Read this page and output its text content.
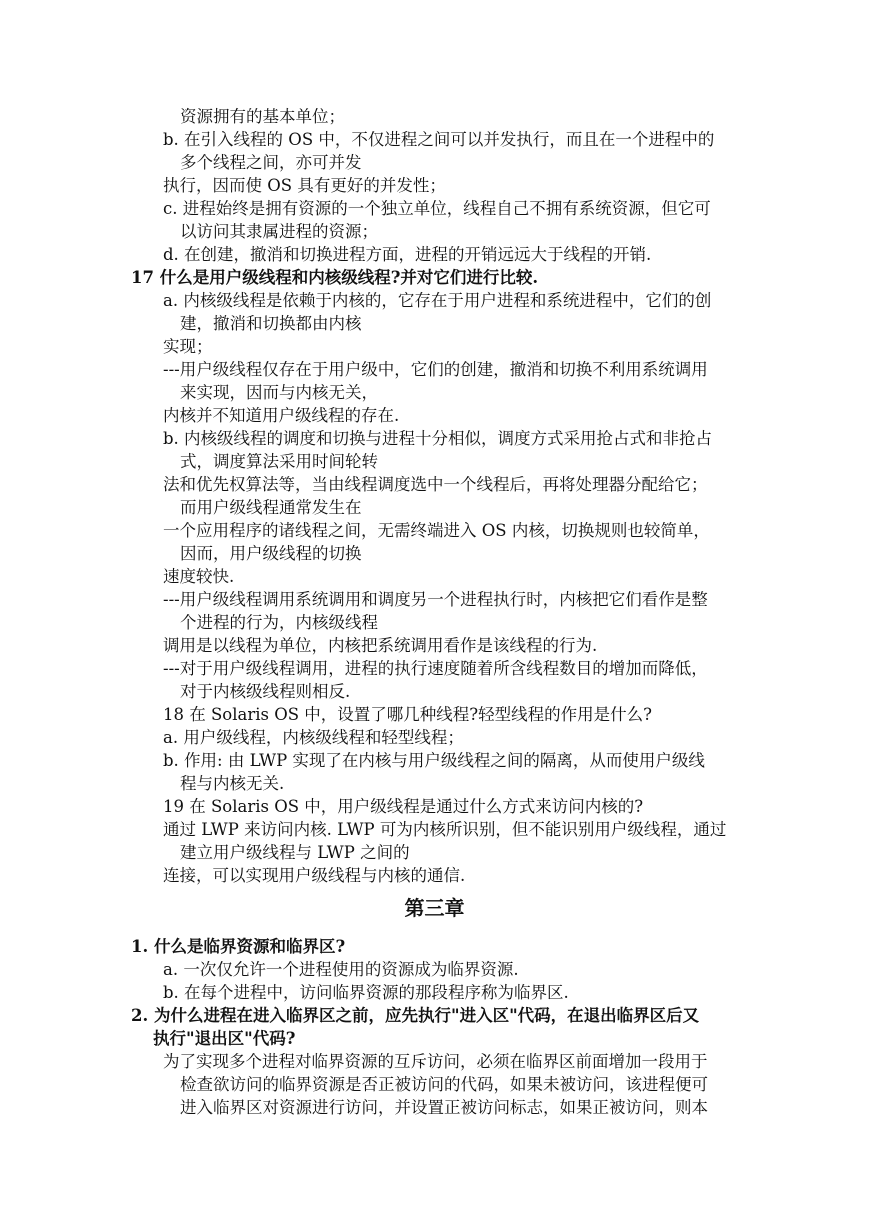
资源拥有的基本单位；

b. 在引入线程的 OS 中，不仅进程之间可以并发执行，而且在一个进程中的

多个线程之间，亦可并发

执行，因而使 OS 具有更好的并发性；

c. 进程始终是拥有资源的一个独立单位，线程自己不拥有系统资源，但它可

以访问其隶属进程的资源；

d. 在创建，撤消和切换进程方面，进程的开销远远大于线程的开销.

17 什么是用户级线程和内核级线程?并对它们进行比较.

a. 内核级线程是依赖于内核的，它存在于用户进程和系统进程中，它们的创

建，撤消和切换都由内核

实现；

---用户级线程仅存在于用户级中，它们的创建，撤消和切换不利用系统调用

来实现，因而与内核无关，

内核并不知道用户级线程的存在.

b. 内核级线程的调度和切换与进程十分相似，调度方式采用抢占式和非抢占

式，调度算法采用时间轮转

法和优先权算法等，当由线程调度选中一个线程后，再将处理器分配给它；

而用户级线程通常发生在

一个应用程序的诸线程之间，无需终端进入 OS 内核，切换规则也较简单，

因而，用户级线程的切换

速度较快.

---用户级线程调用系统调用和调度另一个进程执行时，内核把它们看作是整

个进程的行为，内核级线程

调用是以线程为单位，内核把系统调用看作是该线程的行为.

---对于用户级线程调用，进程的执行速度随着所含线程数目的增加而降低，

对于内核级线程则相反.

18 在 Solaris OS 中，设置了哪几种线程?轻型线程的作用是什么?

a. 用户级线程，内核级线程和轻型线程；

b. 作用: 由 LWP 实现了在内核与用户级线程之间的隔离，从而使用户级线

程与内核无关.

19 在 Solaris OS 中，用户级线程是通过什么方式来访问内核的?

通过 LWP 来访问内核. LWP 可为内核所识别，但不能识别用户级线程，通过

建立用户级线程与 LWP 之间的

连接，可以实现用户级线程与内核的通信.

第三章

1. 什么是临界资源和临界区?

a. 一次仅允许一个进程使用的资源成为临界资源.

b. 在每个进程中，访问临界资源的那段程序称为临界区.

2. 为什么进程在进入临界区之前，应先执行"进入区"代码，在退出临界区后又

执行"退出区"代码?

为了实现多个进程对临界资源的互斥访问，必须在临界区前面增加一段用于

检查欲访问的临界资源是否正被访问的代码，如果未被访问，该进程便可

进入临界区对资源进行访问，并设置正被访问标志，如果正被访问，则本
